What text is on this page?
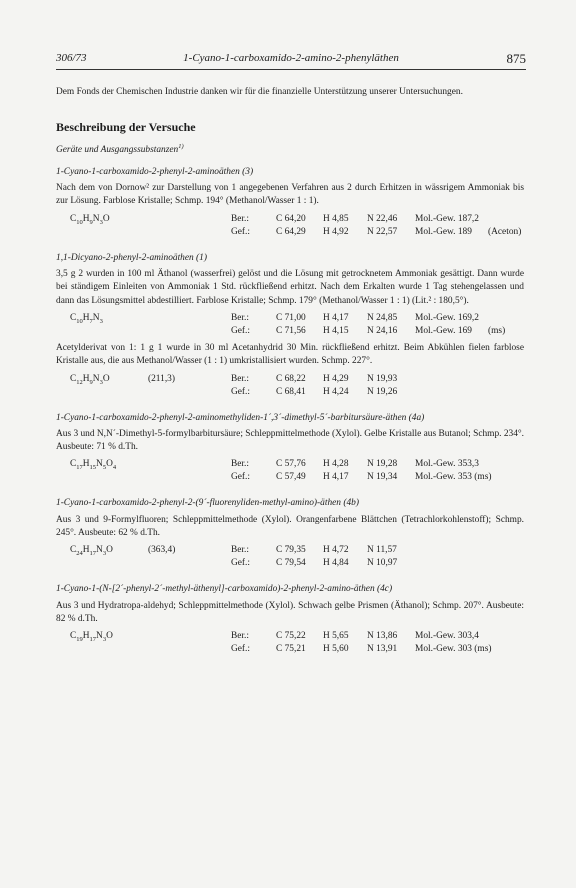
306/73	1-Cyano-1-carboxamido-2-amino-2-phenyläthen	875

Dem Fonds der Chemischen Industrie danken wir für die finanzielle Unterstützung unserer Untersuchungen.

Beschreibung der Versuche

Geräte und Ausgangssubstanzen$^{1)}$

1-Cyano-1-carboxamido-2-phenyl-2-aminoäthen (3)

Nach dem von Dornow² zur Darstellung von 1 angegebenen Verfahren aus 2 durch Erhitzen in wässrigem Ammoniak bis zur Lösung. Farblose Kristalle; Schmp. 194° (Methanol/Wasser 1 : 1).

$C_{10}H_9N_3O$	Ber.:	C 64,20 H 4,85 N 22,46 Mol.-Gew. 187,2
Gef.:	C 64,29 H 4,92 N 22,57 Mol.-Gew. 189 (Aceton)

1,1-Dicyano-2-phenyl-2-aminoäthen (1)

3,5 g 2 wurden in 100 ml Äthanol (wasserfrei) gelöst und die Lösung mit getrocknetem Ammoniak gesättigt. Dann wurde bei ständigem Einleiten von Ammoniak 1 Std. rückfließend erhitzt. Nach dem Erkalten wurde 1 Tag stehengelassen und dann das Lösungsmittel abdestilliert. Farblose Kristalle; Schmp. 179° (Methanol/Wasser 1 : 1) (Lit.² : 180,5°).

$C_{10}H_7N_3$	Ber.:	C 71,00 H 4,17 N 24,85 Mol.-Gew. 169,2
Gef.:	C 71,56 H 4,15 N 24,16 Mol.-Gew. 169 (ms)

Acetylderivat von 1: 1 g 1 wurde in 30 ml Acetanhydrid 30 Min. rückfließend erhitzt. Beim Abkühlen fielen farblose Kristalle aus, die aus Methanol/Wasser (1 : 1) umkristallisiert wurden. Schmp. 227°.

$C_{12}H_9N_3O$	(211,3)	Ber.:	C 68,22 H 4,29 N 19,93
Gef.:	C 68,41 H 4,24 N 19,26

1-Cyano-1-carboxamido-2-phenyl-2-aminomethyliden-1´,3´-dimethyl-5´-barbitursäure-äthen (4a)

Aus 3 und N,N´-Dimethyl-5-formylbarbitursäure; Schleppmittelmethode (Xylol). Gelbe Kristalle aus Butanol; Schmp. 234°. Ausbeute: 71 % d.Th.

$C_{17}H_{15}N_5O_4$	Ber.:	C 57,76 H 4,28 N 19,28 Mol.-Gew. 353,3
Gef.:	C 57,49 H 4,17 N 19,34 Mol.-Gew. 353 (ms)

1-Cyano-1-carboxamido-2-phenyl-2-(9´-fluorenyliden-methyl-amino)-äthen (4b)

Aus 3 und 9-Formylfluoren; Schleppmittelmethode (Xylol). Orangenfarbene Blättchen (Tetrachlorkohlenstoff); Schmp. 245°. Ausbeute: 62 % d.Th.

$C_{24}H_{17}N_3O$	(363,4)	Ber.:	C 79,35 H 4,72 N 11,57
Gef.:	C 79,54 H 4,84 N 10,97

1-Cyano-1-(N-[2´-phenyl-2´-methyl-äthenyl]-carboxamido)-2-phenyl-2-amino-äthen (4c)

Aus 3 und Hydratropa-aldehyd; Schleppmittelmethode (Xylol). Schwach gelbe Prismen (Äthanol); Schmp. 207°. Ausbeute: 82 % d.Th.

$C_{19}H_{17}N_3O$	Ber.:	C 75,22 H 5,65 N 13,86 Mol.-Gew. 303,4
Gef.:	C 75,21 H 5,60 N 13,91 Mol.-Gew. 303 (ms)
